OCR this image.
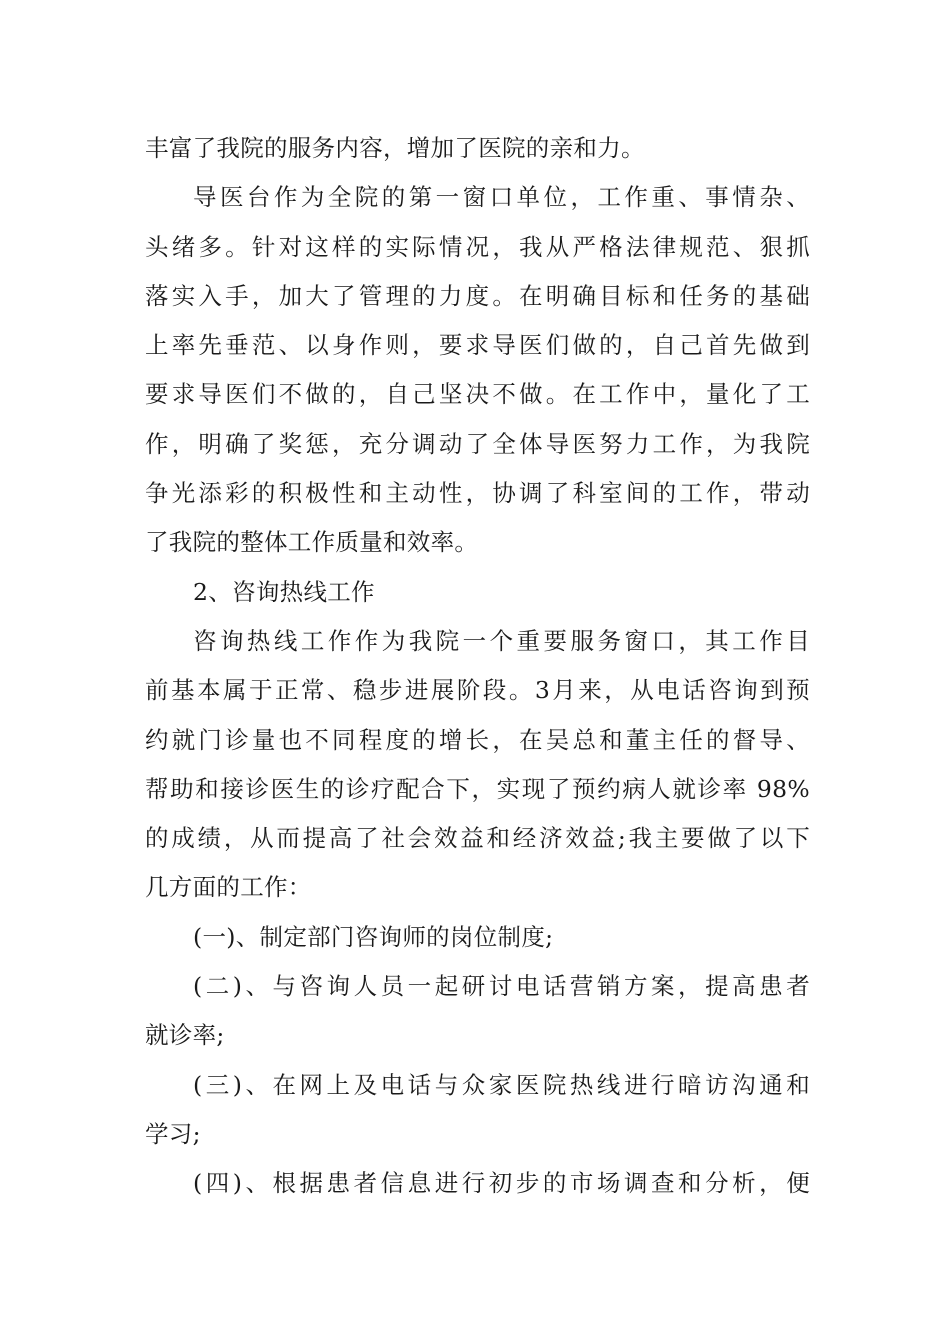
丰富了我院的服务内容，增加了医院的亲和力。
导医台作为全院的第一窗口单位，工作重、事情杂、
头绪多。针对这样的实际情况，我从严格法律规范、狠抓
落实入手，加大了管理的力度。在明确目标和任务的基础
上率先垂范、以身作则，要求导医们做的，自己首先做到
要求导医们不做的，自己坚决不做。在工作中，量化了工
作，明确了奖惩，充分调动了全体导医努力工作，为我院
争光添彩的积极性和主动性，协调了科室间的工作，带动
了我院的整体工作质量和效率。
2、咨询热线工作
咨询热线工作作为我院一个重要服务窗口，其工作目
前基本属于正常、稳步进展阶段。3月来，从电话咨询到预
约就门诊量也不同程度的增长，在吴总和董主任的督导、
帮助和接诊医生的诊疗配合下，实现了预约病人就诊率 98%
的成绩，从而提高了社会效益和经济效益;我主要做了以下
几方面的工作：
(一)、制定部门咨询师的岗位制度;
(二)、与咨询人员一起研讨电话营销方案，提高患者
就诊率;
(三)、在网上及电话与众家医院热线进行暗访沟通和
学习;
(四)、根据患者信息进行初步的市场调查和分析，便
